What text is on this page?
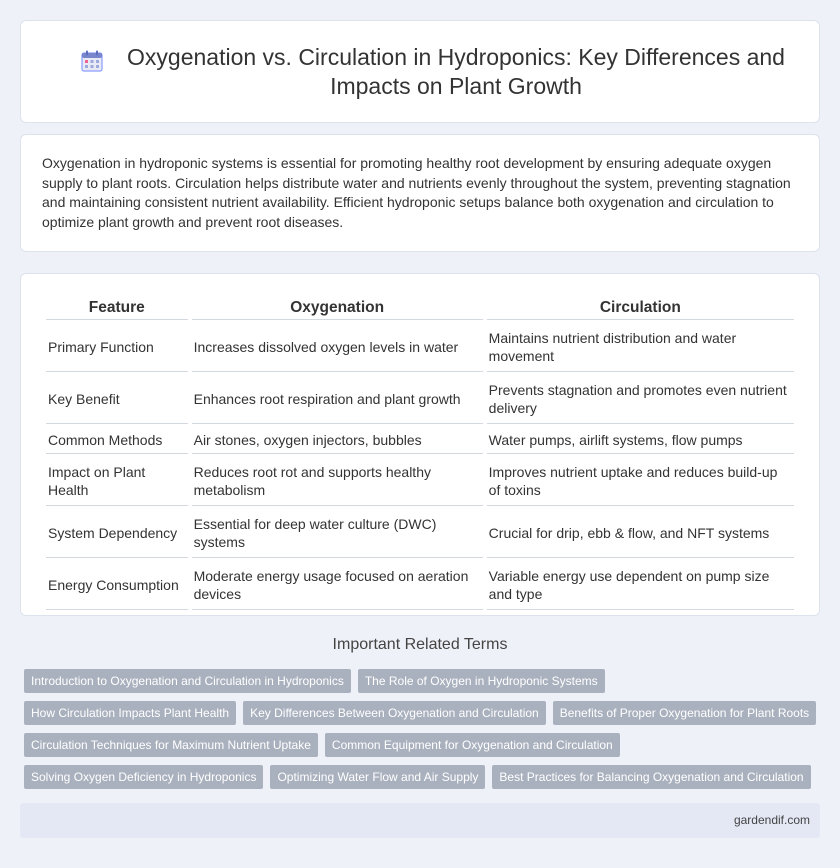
Oxygenation vs. Circulation in Hydroponics: Key Differences and Impacts on Plant Growth

Oxygenation in hydroponic systems is essential for promoting healthy root development by ensuring adequate oxygen supply to plant roots. Circulation helps distribute water and nutrients evenly throughout the system, preventing stagnation and maintaining consistent nutrient availability. Efficient hydroponic setups balance both oxygenation and circulation to optimize plant growth and prevent root diseases.

Feature	Oxygenation	Circulation
Primary Function	Increases dissolved oxygen levels in water	Maintains nutrient distribution and water movement
Key Benefit	Enhances root respiration and plant growth	Prevents stagnation and promotes even nutrient delivery
Common Methods	Air stones, oxygen injectors, bubbles	Water pumps, airlift systems, flow pumps
Impact on Plant Health	Reduces root rot and supports healthy metabolism	Improves nutrient uptake and reduces build-up of toxins
System Dependency	Essential for deep water culture (DWC) systems	Crucial for drip, ebb & flow, and NFT systems
Energy Consumption	Moderate energy usage focused on aeration devices	Variable energy use dependent on pump size and type
Important Related Terms
Introduction to Oxygenation and Circulation in Hydroponics	The Role of Oxygen in Hydroponic Systems
How Circulation Impacts Plant Health	Key Differences Between Oxygenation and Circulation	Benefits of Proper Oxygenation for Plant Roots
Circulation Techniques for Maximum Nutrient Uptake	Common Equipment for Oxygenation and Circulation
Solving Oxygen Deficiency in Hydroponics	Optimizing Water Flow and Air Supply	Best Practices for Balancing Oxygenation and Circulation
gardendif.com
